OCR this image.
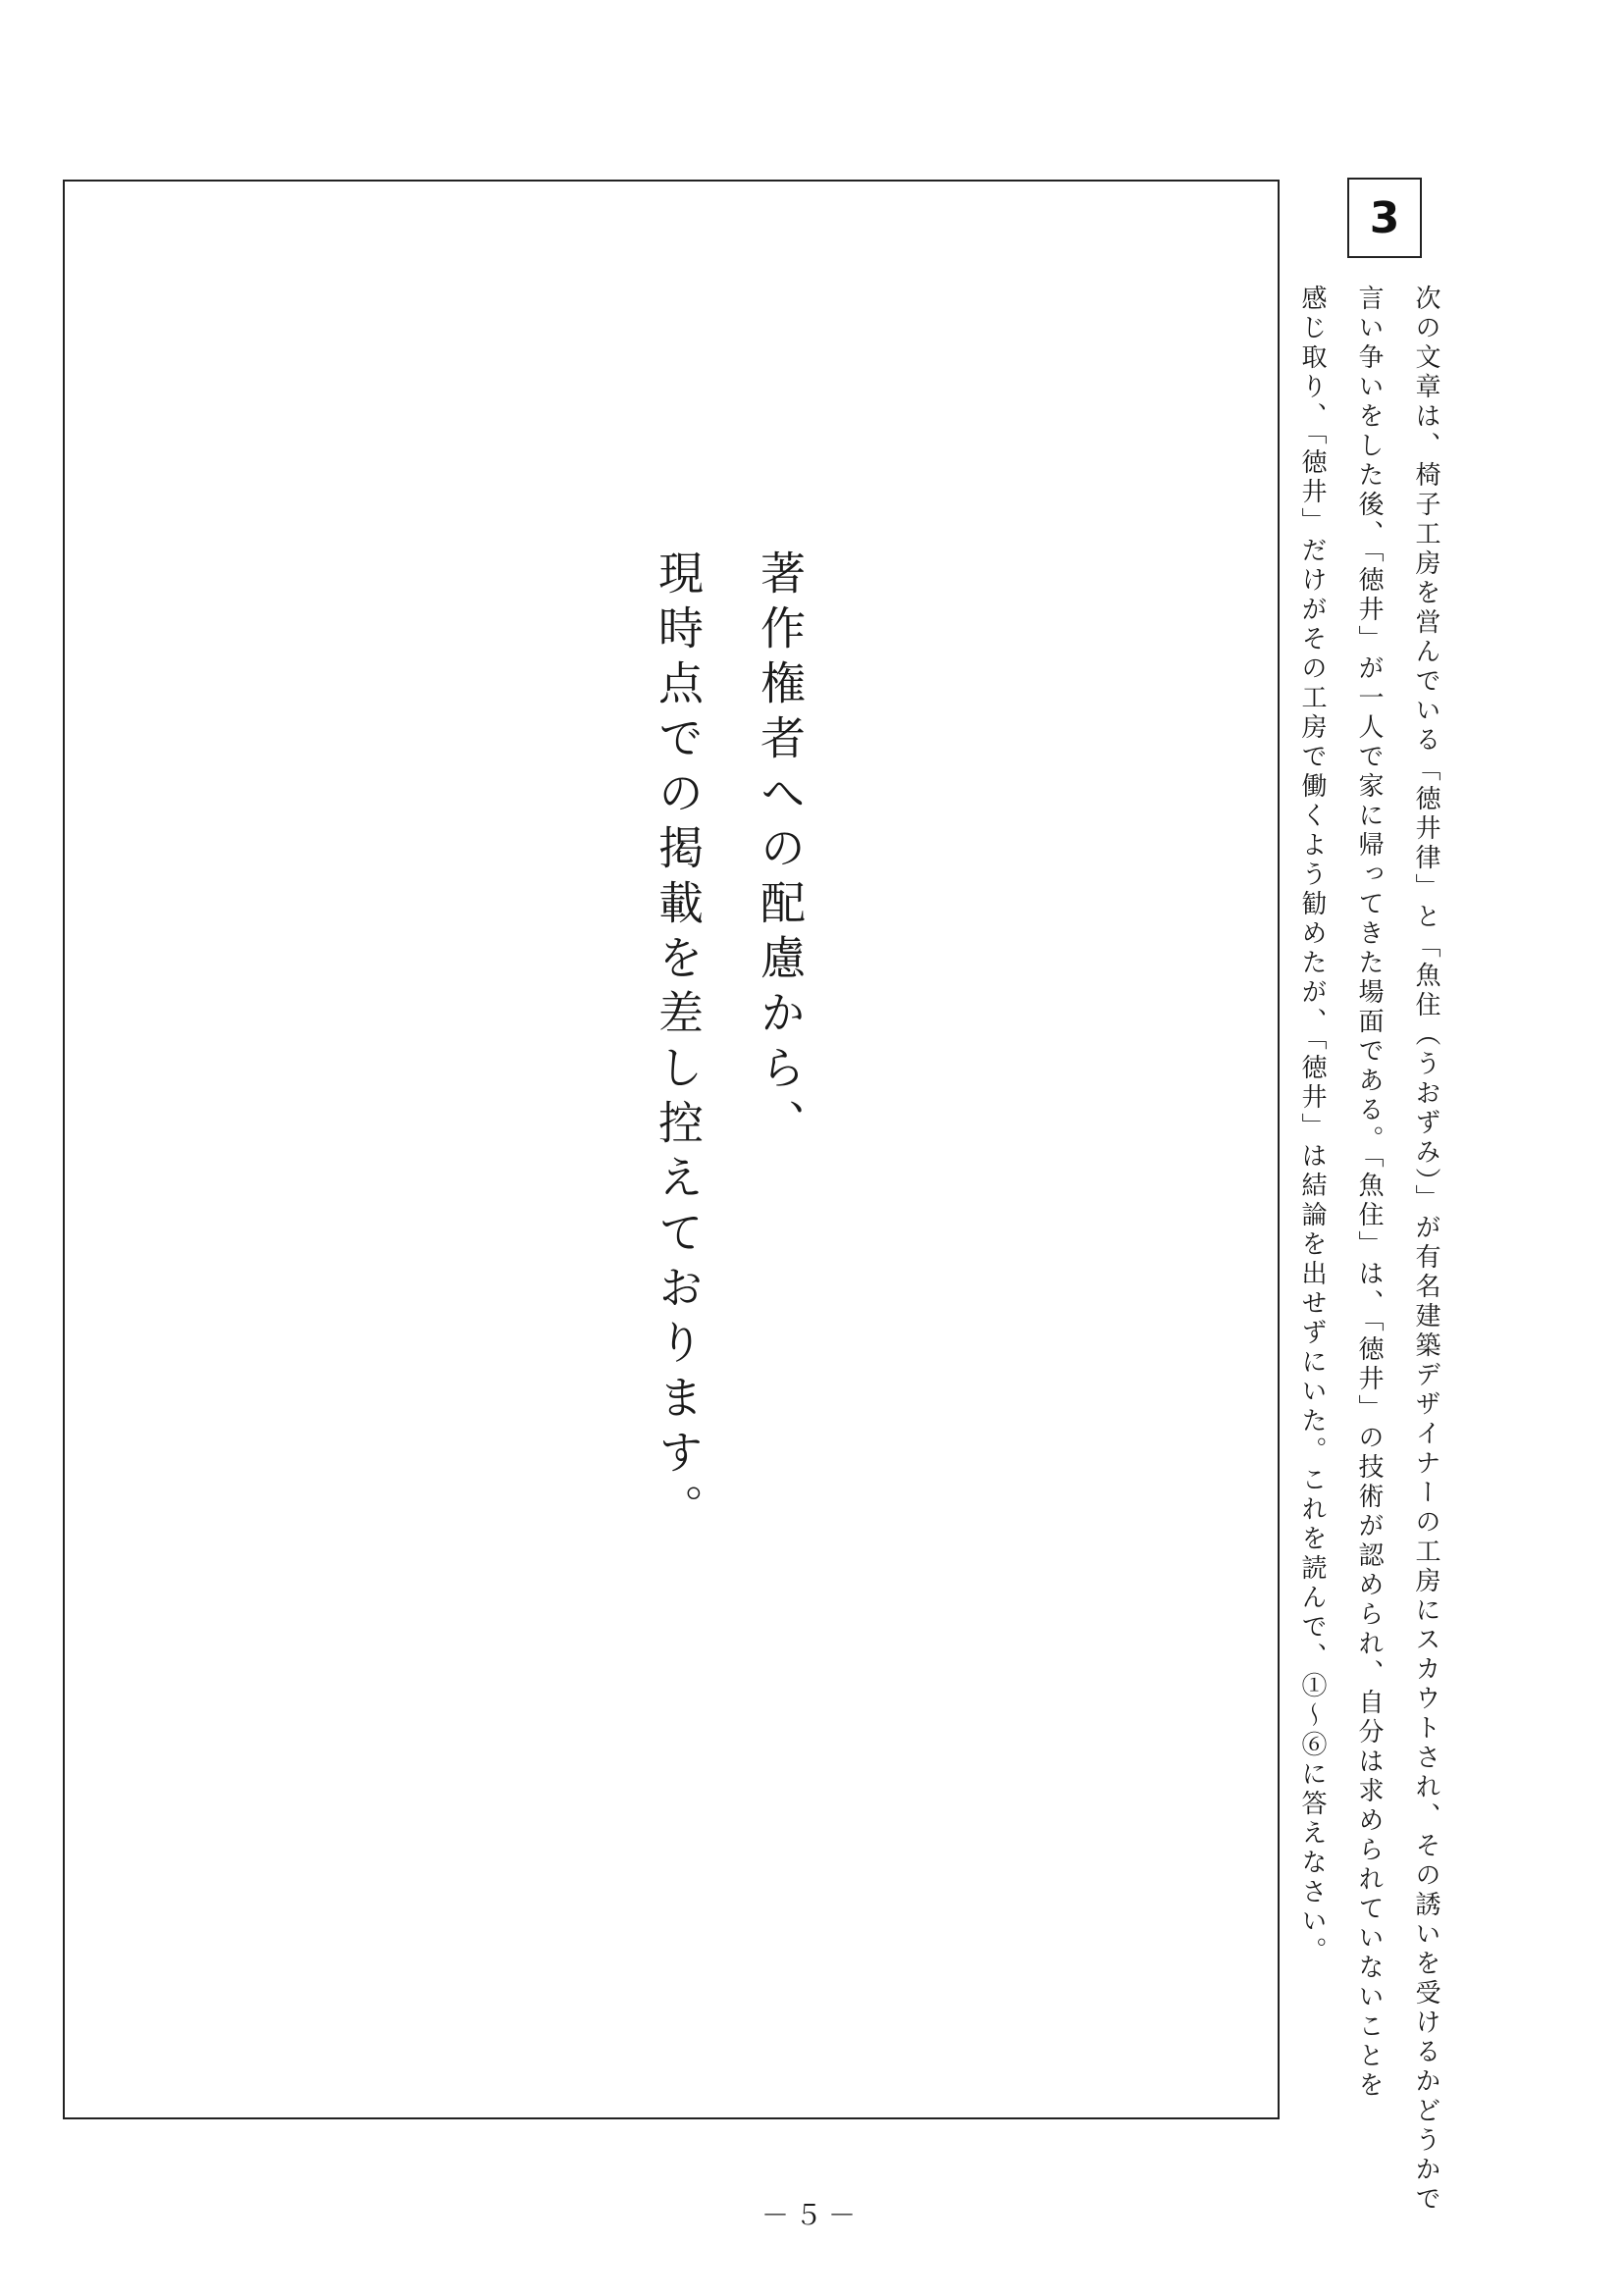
3
次の文章は、椅子工房を営んでいる「徳井律」と「魚住（うおずみ）」が有名建築デザイナーの工房にスカウトされ、その誘いを受けるかどうかで
言い争いをした後、「徳井」が一人で家に帰ってきた場面である。「魚住」は、「徳井」の技術が認められ、自分は求められていないことを
感じ取り、「徳井」だけがその工房で働くよう勧めたが、「徳井」は結論を出せずにいた。これを読んで、①〜⑥に答えなさい。
著作権者への配慮から、
現時点での掲載を差し控えております。
－５－
